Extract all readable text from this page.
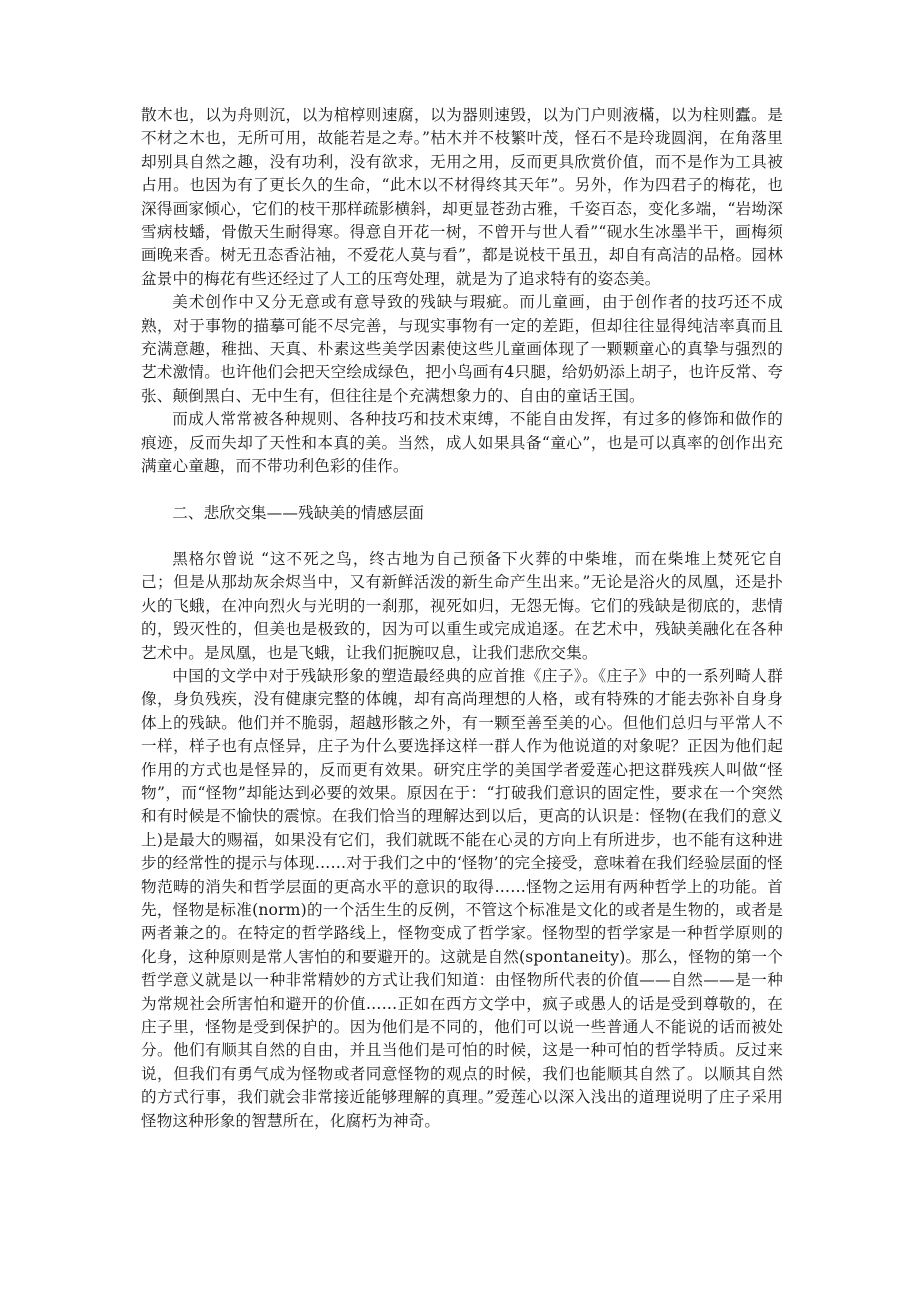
散木也，以为舟则沉，以为棺椁则速腐，以为器则速毁，以为门户则液樠，以为柱则蠹。是不材之木也，无所可用，故能若是之寿。”枯木并不枝繁叶茂，怪石不是玲珑圆润，在角落里却别具自然之趣，没有功利，没有欲求，无用之用，反而更具欣赏价值，而不是作为工具被占用。也因为有了更长久的生命，“此木以不材得终其天年”。另外，作为四君子的梅花，也深得画家倾心，它们的枝干那样疏影横斜，却更显苍劲古雅，千姿百态，变化多端，“岩坳深雪病枝蟠，骨傲天生耐得寒。得意自开花一树，不曾开与世人看”“砚水生冰墨半干，画梅须画晚来香。树无丑态香沾袖，不爱花人莫与看”，都是说枝干虽丑，却自有高洁的品格。园林盆景中的梅花有些还经过了人工的压弯处理，就是为了追求特有的姿态美。

美术创作中又分无意或有意导致的残缺与瑕疵。而儿童画，由于创作者的技巧还不成熟，对于事物的描摹可能不尽完善，与现实事物有一定的差距，但却往往显得纯洁率真而且充满意趣，稚拙、天真、朴素这些美学因素使这些儿童画体现了一颗颗童心的真挚与强烈的艺术激情。也许他们会把天空绘成绿色，把小鸟画有4只腿，给奶奶添上胡子，也许反常、夸张、颠倒黑白、无中生有，但往往是个充满想象力的、自由的童话王国。

而成人常常被各种规则、各种技巧和技术束缚，不能自由发挥，有过多的修饰和做作的痕迹，反而失却了天性和本真的美。当然，成人如果具备“童心”，也是可以真率的创作出充满童心童趣，而不带功利色彩的佳作。

二、悲欣交集——残缺美的情感层面

黑格尔曾说 “这不死之鸟，终古地为自己预备下火葬的中柴堆，而在柴堆上焚死它自己；但是从那劫灰余烬当中，又有新鲜活泼的新生命产生出来。”无论是浴火的凤凰，还是扑火的飞蛾，在冲向烈火与光明的一刹那，视死如归，无怨无悔。它们的残缺是彻底的，悲情的，毁灭性的，但美也是极致的，因为可以重生或完成追逐。在艺术中，残缺美融化在各种艺术中。是凤凰，也是飞蛾，让我们扼腕叹息，让我们悲欣交集。

中国的文学中对于残缺形象的塑造最经典的应首推《庄子》。《庄子》中的一系列畸人群像，身负残疾，没有健康完整的体魄，却有高尚理想的人格，或有特殊的才能去弥补自身身体上的残缺。他们并不脆弱，超越形骸之外，有一颗至善至美的心。但他们总归与平常人不一样，样子也有点怪异，庄子为什么要选择这样一群人作为他说道的对象呢？正因为他们起作用的方式也是怪异的，反而更有效果。研究庄学的美国学者爱莲心把这群残疾人叫做“怪物”，而“怪物”却能达到必要的效果。原因在于：“打破我们意识的固定性，要求在一个突然和有时候是不愉快的震惊。在我们恰当的理解达到以后，更高的认识是：怪物(在我们的意义上)是最大的赐福，如果没有它们，我们就既不能在心灵的方向上有所进步，也不能有这种进步的经常性的提示与体现……对于我们之中的‘怪物’的完全接受，意味着在我们经验层面的怪物范畴的消失和哲学层面的更高水平的意识的取得……怪物之运用有两种哲学上的功能。首先，怪物是标准(norm)的一个活生生的反例，不管这个标准是文化的或者是生物的，或者是两者兼之的。在特定的哲学路线上，怪物变成了哲学家。怪物型的哲学家是一种哲学原则的化身，这种原则是常人害怕的和要避开的。这就是自然(spontaneity)。那么，怪物的第一个哲学意义就是以一种非常精妙的方式让我们知道：由怪物所代表的价值——自然——是一种为常规社会所害怕和避开的价值……正如在西方文学中，疯子或愚人的话是受到尊敬的，在庄子里，怪物是受到保护的。因为他们是不同的，他们可以说一些普通人不能说的话而被处分。他们有顺其自然的自由，并且当他们是可怕的时候，这是一种可怕的哲学特质。反过来说，但我们有勇气成为怪物或者同意怪物的观点的时候，我们也能顺其自然了。以顺其自然的方式行事，我们就会非常接近能够理解的真理。”爱莲心以深入浅出的道理说明了庄子采用怪物这种形象的智慧所在，化腐朽为神奇。
